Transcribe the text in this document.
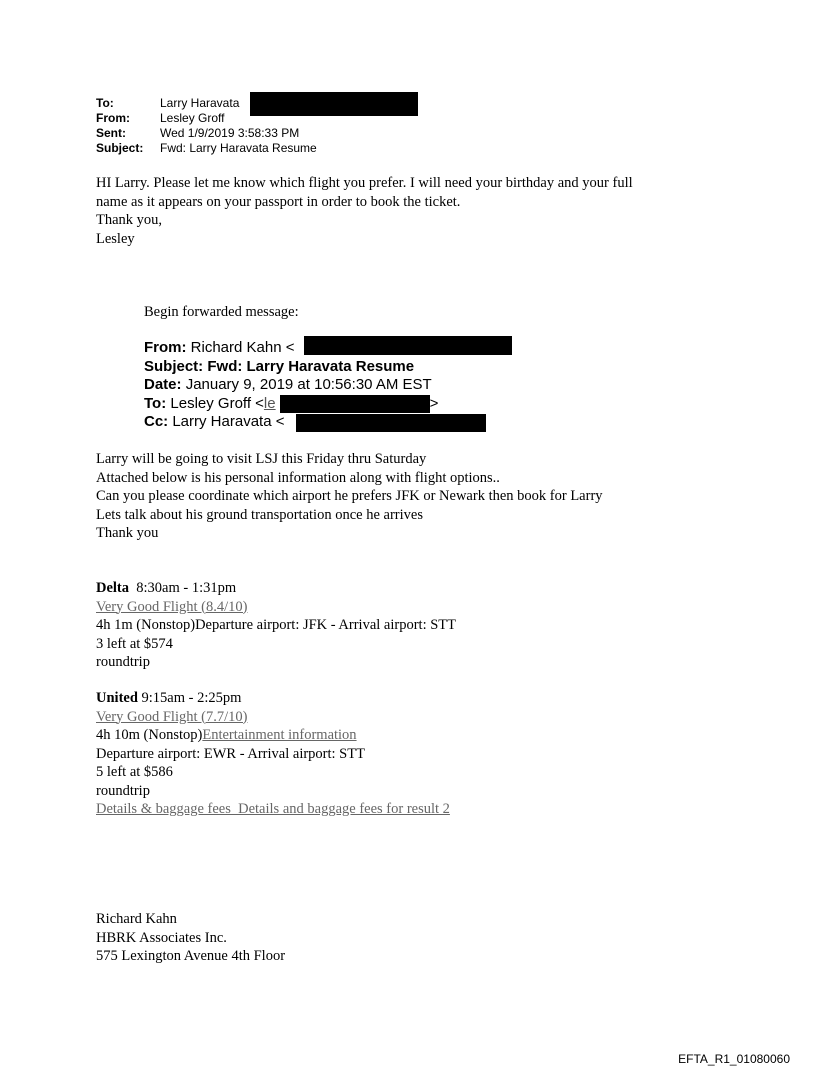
To:	Larry Haravata
From:	Lesley Groff
Sent:	Wed 1/9/2019 3:58:33 PM
Subject: Fwd: Larry Haravata Resume
HI Larry. Please let me know which flight you prefer. I will need your birthday and your full
name as it appears on your passport in order to book the ticket.
Thank you,
Lesley
Begin forwarded message:
From: Richard Kahn <
Subject: Fwd: Larry Haravata Resume
Date: January 9, 2019 at 10:56:30 AM EST
To: Lesley Groff <le	>
Cc: Larry Haravata <
Larry will be going to visit LSJ this Friday thru Saturday
Attached below is his personal information along with flight options..
Can you please coordinate which airport he prefers JFK or Newark then book for Larry
Lets talk about his ground transportation once he arrives
Thank you
Delta 8:30am - 1:31pm
Very Good Flight (8.4/10)
4h 1m (Nonstop)Departure airport: JFK - Arrival airport: STT
3 left at $574
roundtrip
United 9:15am - 2:25pm
Very Good Flight (7.7/10)
4h 10m (Nonstop)Entertainment information
Departure airport: EWR - Arrival airport: STT
5 left at $586
roundtrip
Details & baggage fees  Details and baggage fees for result 2
Richard Kahn
HBRK Associates Inc.
575 Lexington Avenue 4th Floor
EFTA_R1_01080060
